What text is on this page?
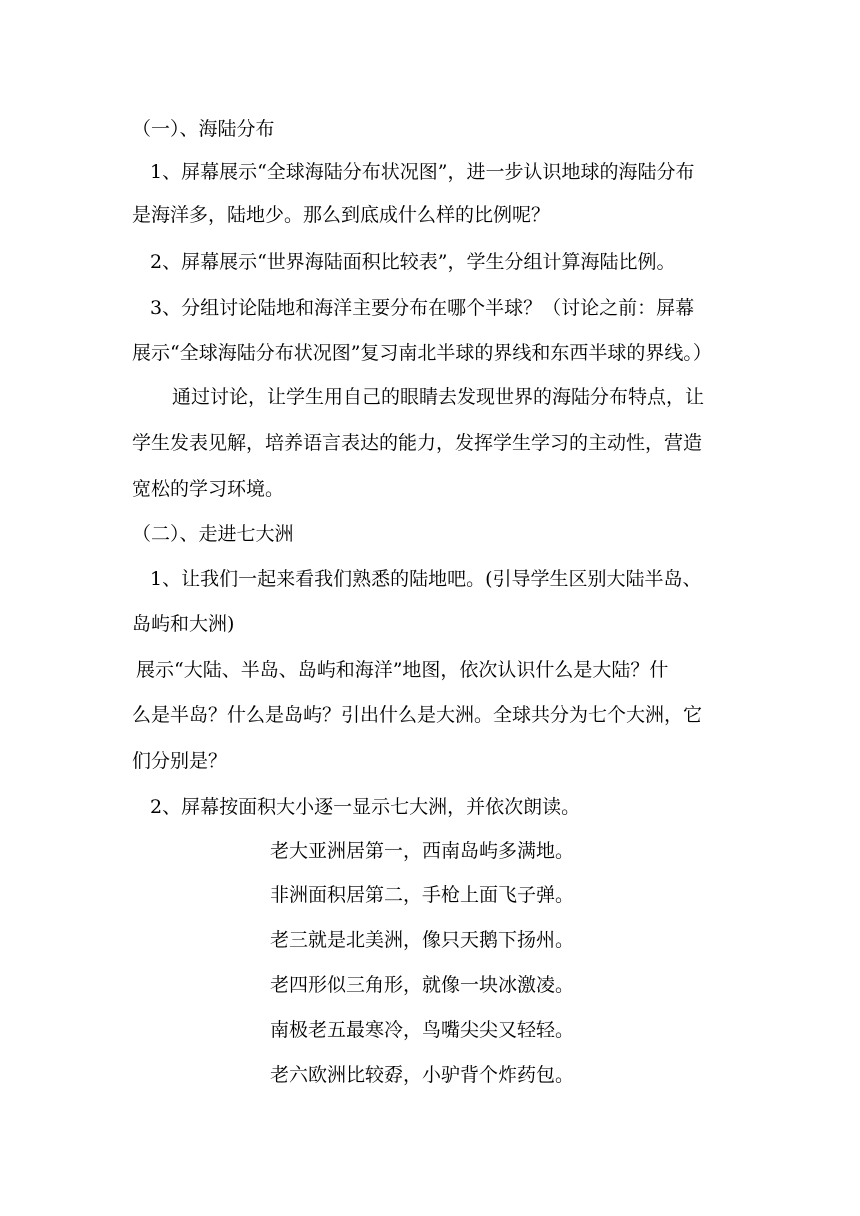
（一）、海陆分布
1、屏幕展示“全球海陆分布状况图”，进一步认识地球的海陆分布
是海洋多，陆地少。那么到底成什么样的比例呢？
2、屏幕展示“世界海陆面积比较表”，学生分组计算海陆比例。
3、分组讨论陆地和海洋主要分布在哪个半球？（讨论之前：屏幕
展示“全球海陆分布状况图”复习南北半球的界线和东西半球的界线。）
通过讨论，让学生用自己的眼睛去发现世界的海陆分布特点，让
学生发表见解，培养语言表达的能力，发挥学生学习的主动性，营造
宽松的学习环境。
（二）、走进七大洲
1、让我们一起来看我们熟悉的陆地吧。(引导学生区别大陆半岛、
岛屿和大洲)
展示“大陆、半岛、岛屿和海洋”地图，依次认识什么是大陆？什
么是半岛？什么是岛屿？引出什么是大洲。全球共分为七个大洲，它
们分别是？
2、屏幕按面积大小逐一显示七大洲，并依次朗读。
老大亚洲居第一，西南岛屿多满地。
非洲面积居第二，手枪上面飞子弹。
老三就是北美洲，像只天鹅下扬州。
老四形似三角形，就像一块冰激凌。
南极老五最寒冷，鸟嘴尖尖又轻轻。
老六欧洲比较孬，小驴背个炸药包。
